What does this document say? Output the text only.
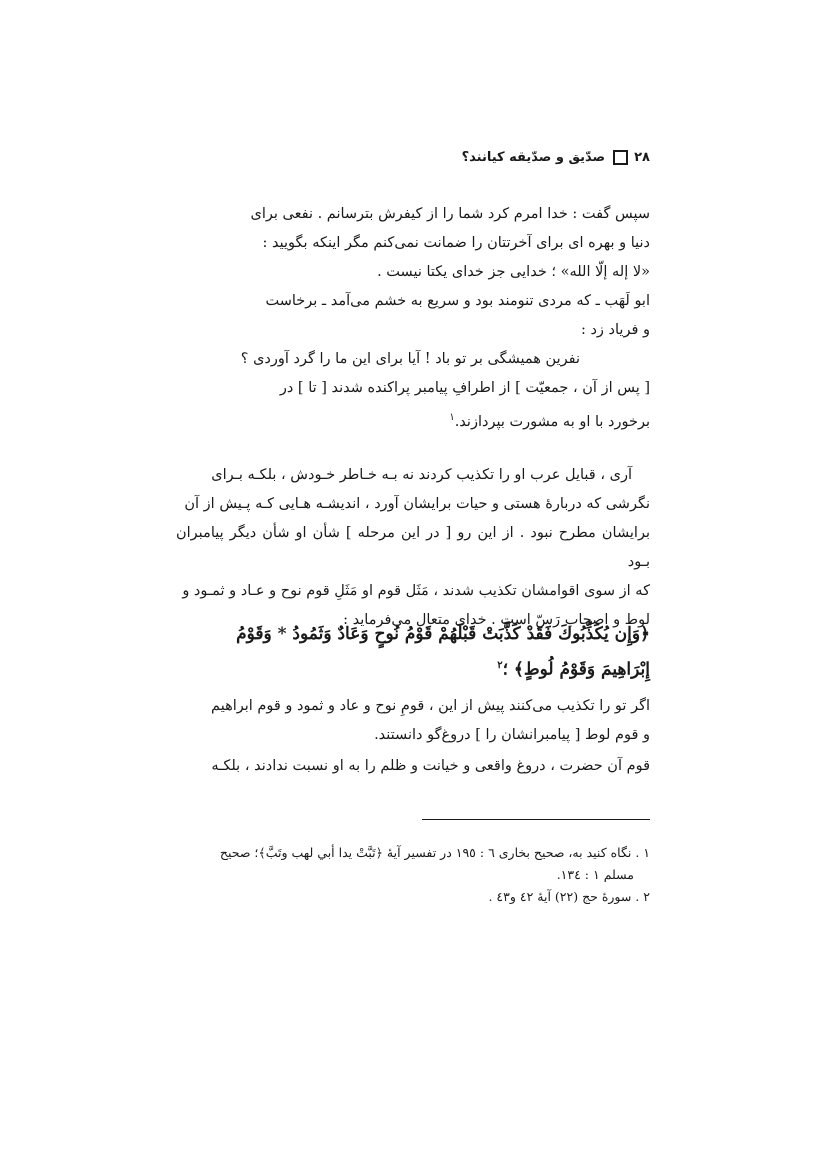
۲۸
صدّیق و صدّیقه کیانند؟
سپس گفت : خدا امرم کرد شما را از کیفرش بترسانم . نفعی برای
دنیا و بهره ای برای آخرتتان را ضمانت نمی‌کنم مگر اینکه بگویید :
«لا إله إلّا الله» ؛ خدایی جز خدای یکتا نیست .
ابو لَهَب ـ که مردی تنومند بود و سریع به خشم می‌آمد ـ برخاست
و فریاد زد :
نفرین همیشگی بر تو باد ! آیا برای این ما را گرد آوردی ؟
[ پس از آن ، جمعیّت ] از اطرافِ پیامبر پراکنده شدند [ تا ] در
برخورد با او به مشورت بپردازند.$^۱$
آری ، قبایل عرب او را تکذیب کردند نه بـه خـاطر خـودش ، بلکـه بـرای
نگرشی که دربارهٔ هستی و حیات برایشان آورد ، اندیشـه هـایی کـه پـیش از آن
برایشان مطرح نبود . از این رو [ در این مرحله ] شأن او شأن دیگر پیامبران بـود
که از سوی اقوامشان تکذیب شدند ، مَثَل قوم او مَثَلِ قوم نوح و عـاد و ثمـود و
لوط و اصحاب رَسّ است . خدای متعال می‌فرماید :
﴿وَإِن يُكَذِّبُوكَ فَقَدْ كَذَّبَتْ قَبْلَهُمْ قَوْمُ نُوحٍ وَعَادٌ وَثَمُودُ * وَقَوْمُ
إِبْرَاهِيمَ وَقَوْمُ لُوطٍ﴾ ؛$^۲$
اگر تو را تکذیب می‌کنند پیش از این ، قومِ نوح و عاد و ثمود و قوم ابراهیم
و قوم لوط [ پیامبرانشان را ] دروغ‌گو دانستند.
قوم آن حضرت ، دروغ واقعی و خیانت و ظلم را به او نسبت ندادند ، بلکـه
۱ . نگاه کنید به، صحیح بخاری ٦ : ١٩٥ در تفسیر آیهٔ ﴿تَبَّتْ يدا أبي لهب وتَبَّ﴾؛ صحیح
مسلم ۱ : ١٣٤.
۲ . سورهٔ حج (۲۲) آیهٔ ٤٢ و٤٣ .
